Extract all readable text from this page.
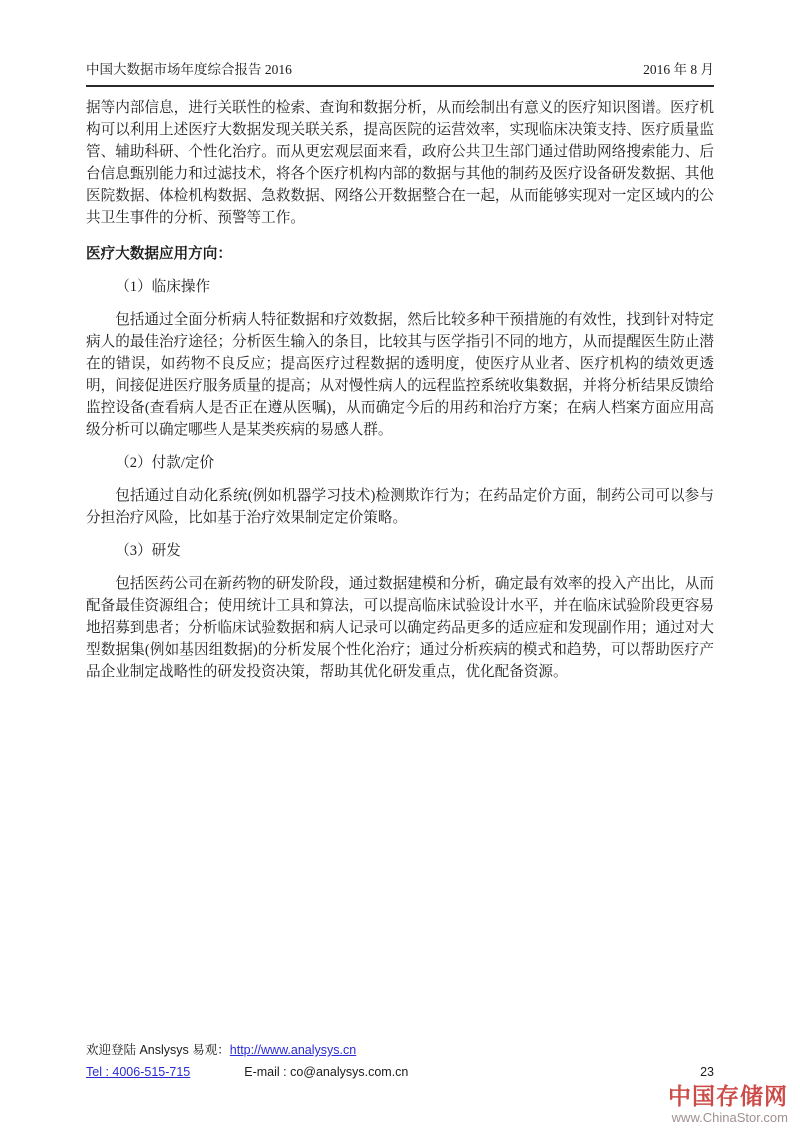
中国大数据市场年度综合报告 2016	2016 年 8 月

据等内部信息，进行关联性的检索、查询和数据分析，从而绘制出有意义的医疗知识图谱。医疗机构可以利用上述医疗大数据发现关联关系，提高医院的运营效率，实现临床决策支持、医疗质量监管、辅助科研、个性化治疗。而从更宏观层面来看，政府公共卫生部门通过借助网络搜索能力、后台信息甄别能力和过滤技术，将各个医疗机构内部的数据与其他的制药及医疗设备研发数据、其他医院数据、体检机构数据、急救数据、网络公开数据整合在一起，从而能够实现对一定区域内的公共卫生事件的分析、预警等工作。

医疗大数据应用方向：
（1）临床操作

包括通过全面分析病人特征数据和疗效数据，然后比较多种干预措施的有效性，找到针对特定病人的最佳治疗途径；分析医生输入的条目，比较其与医学指引不同的地方，从而提醒医生防止潜在的错误，如药物不良反应；提高医疗过程数据的透明度，使医疗从业者、医疗机构的绩效更透明，间接促进医疗服务质量的提高；从对慢性病人的远程监控系统收集数据，并将分析结果反馈给监控设备(查看病人是否正在遵从医嘱)，从而确定今后的用药和治疗方案；在病人档案方面应用高级分析可以确定哪些人是某类疾病的易感人群。

（2）付款/定价

包括通过自动化系统(例如机器学习技术)检测欺诈行为；在药品定价方面，制药公司可以参与分担治疗风险，比如基于治疗效果制定定价策略。

（3）研发

包括医药公司在新药物的研发阶段，通过数据建模和分析，确定最有效率的投入产出比，从而配备最佳资源组合；使用统计工具和算法，可以提高临床试验设计水平，并在临床试验阶段更容易地招募到患者；分析临床试验数据和病人记录可以确定药品更多的适应症和发现副作用；通过对大型数据集(例如基因组数据)的分析发展个性化治疗；通过分析疾病的模式和趋势，可以帮助医疗产品企业制定战略性的研发投资决策，帮助其优化研发重点，优化配备资源。

欢迎登陆 Anslysys 易观：http://www.analysys.cn
Tel : 4006-515-715	E-mail : co@analysys.com.cn	23
中国存储网
www.ChinaStor.com
